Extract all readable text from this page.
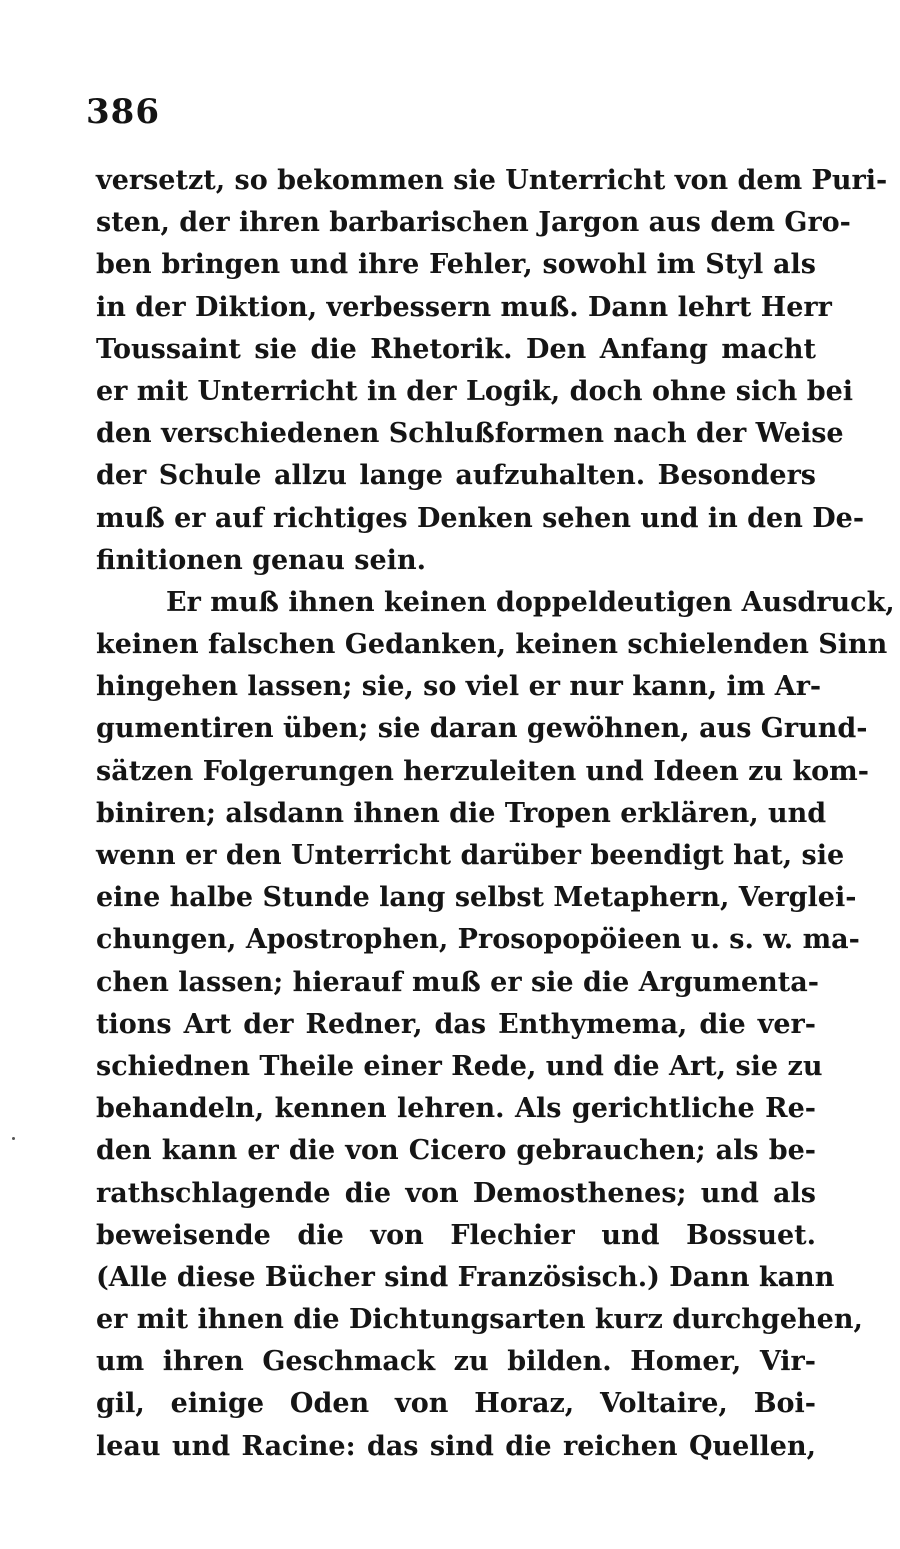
386
versetzt, so bekommen sie Unterricht von dem Puri-
sten, der ihren barbarischen Jargon aus dem Gro-
ben bringen und ihre Fehler, sowohl im Styl als
in der Diktion, verbessern muß. Dann lehrt Herr
Toussaint sie die Rhetorik. Den Anfang macht
er mit Unterricht in der Logik, doch ohne sich bei
den verschiedenen Schlußformen nach der Weise
der Schule allzu lange aufzuhalten. Besonders
muß er auf richtiges Denken sehen und in den De-
finitionen genau sein.
Er muß ihnen keinen doppeldeutigen Ausdruck,
keinen falschen Gedanken, keinen schielenden Sinn
hingehen lassen; sie, so viel er nur kann, im Ar-
gumentiren üben; sie daran gewöhnen, aus Grund-
sätzen Folgerungen herzuleiten und Ideen zu kom-
biniren; alsdann ihnen die Tropen erklären, und
wenn er den Unterricht darüber beendigt hat, sie
eine halbe Stunde lang selbst Metaphern, Verglei-
chungen, Apostrophen, Prosopopöieen u. s. w. ma-
chen lassen; hierauf muß er sie die Argumenta-
tions Art der Redner, das Enthymema, die ver-
schiednen Theile einer Rede, und die Art, sie zu
behandeln, kennen lehren. Als gerichtliche Re-
den kann er die von Cicero gebrauchen; als be-
rathschlagende die von Demosthenes; und als
beweisende die von Flechier und Bossuet.
(Alle diese Bücher sind Französisch.) Dann kann
er mit ihnen die Dichtungsarten kurz durchgehen,
um ihren Geschmack zu bilden. Homer, Vir-
gil, einige Oden von Horaz, Voltaire, Boi-
leau und Racine: das sind die reichen Quellen,
